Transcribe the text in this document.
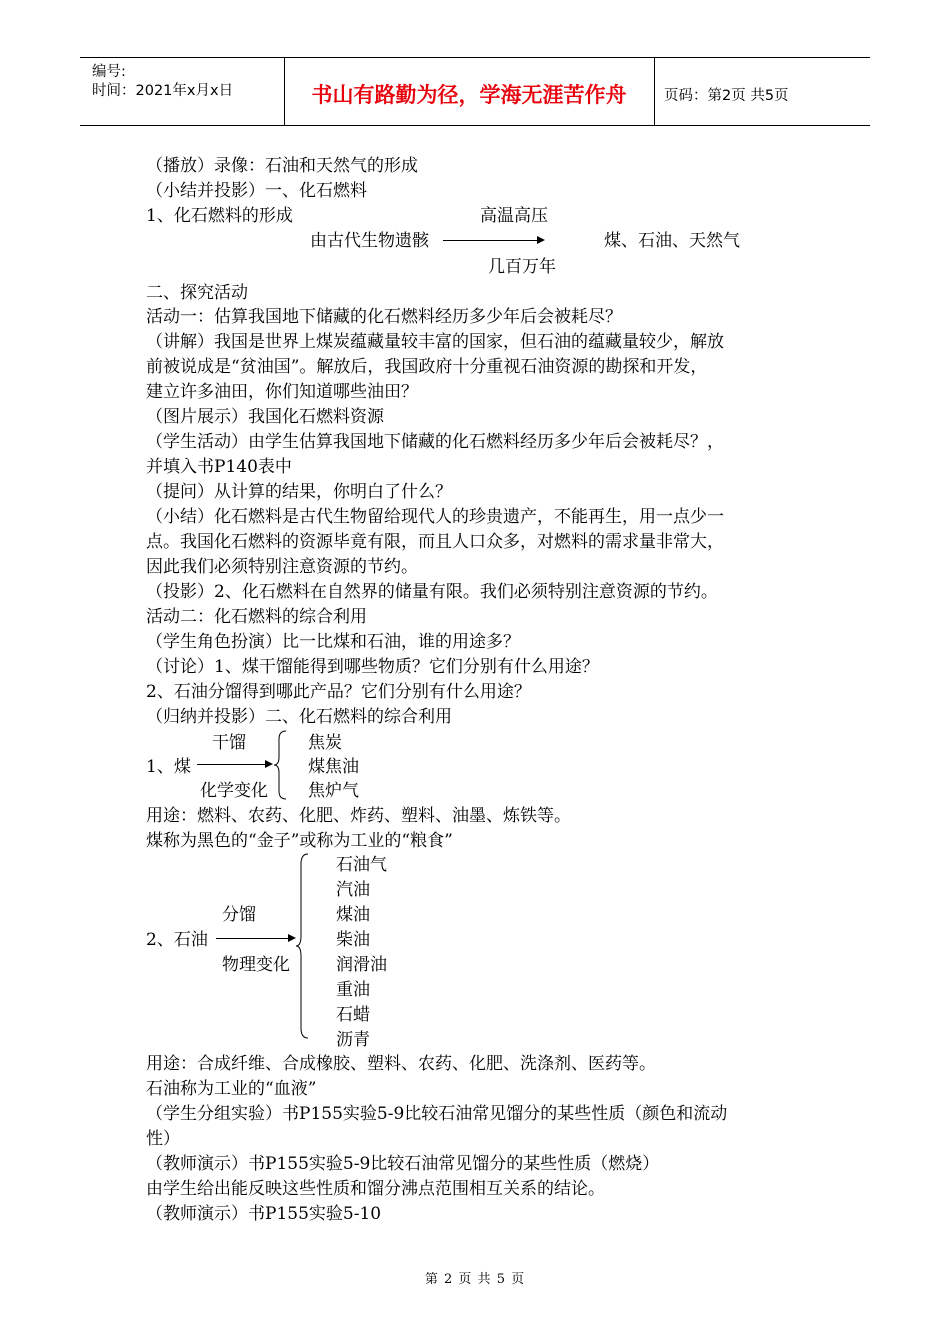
编号:
时间：2021年x月x日	书山有路勤为径，学海无涯苦作舟	页码：第2页 共5页
（播放）录像：石油和天然气的形成
（小结并投影）一、化石燃料
1、化石燃料的形成	高温高压
由古代生物遗骸	煤、石油、天然气
几百万年
二、探究活动
活动一：估算我国地下储藏的化石燃料经历多少年后会被耗尽？
（讲解）我国是世界上煤炭蕴藏量较丰富的国家，但石油的蕴藏量较少，解放
前被说成是“贫油国”。解放后，我国政府十分重视石油资源的勘探和开发，
建立许多油田，你们知道哪些油田？
（图片展示）我国化石燃料资源
（学生活动）由学生估算我国地下储藏的化石燃料经历多少年后会被耗尽？，
并填入书P140表中
（提问）从计算的结果，你明白了什么？
（小结）化石燃料是古代生物留给现代人的珍贵遗产，不能再生，用一点少一
点。我国化石燃料的资源毕竟有限，而且人口众多，对燃料的需求量非常大，
因此我们必须特别注意资源的节约。
（投影）2、化石燃料在自然界的储量有限。我们必须特别注意资源的节约。
活动二：化石燃料的综合利用
（学生角色扮演）比一比煤和石油，谁的用途多？
（讨论）1、煤干馏能得到哪些物质？它们分别有什么用途？
2、石油分馏得到哪此产品？它们分别有什么用途？
（归纳并投影）二、化石燃料的综合利用
干馏
1、煤
化学变化
焦炭
煤焦油
焦炉气
用途：燃料、农药、化肥、炸药、塑料、油墨、炼铁等。
煤称为黑色的“金子”或称为工业的“粮食”
分馏
2、石油
物理变化
石油气
汽油
煤油
柴油
润滑油
重油
石蜡
沥青
用途：合成纤维、合成橡胶、塑料、农药、化肥、洗涤剂、医药等。
石油称为工业的“血液”
（学生分组实验）书P155实验5-9比较石油常见馏分的某些性质（颜色和流动
性）
（教师演示）书P155实验5-9比较石油常见馏分的某些性质（燃烧）
由学生给出能反映这些性质和馏分沸点范围相互关系的结论。
（教师演示）书P155实验5-10
第 2 页 共 5 页
